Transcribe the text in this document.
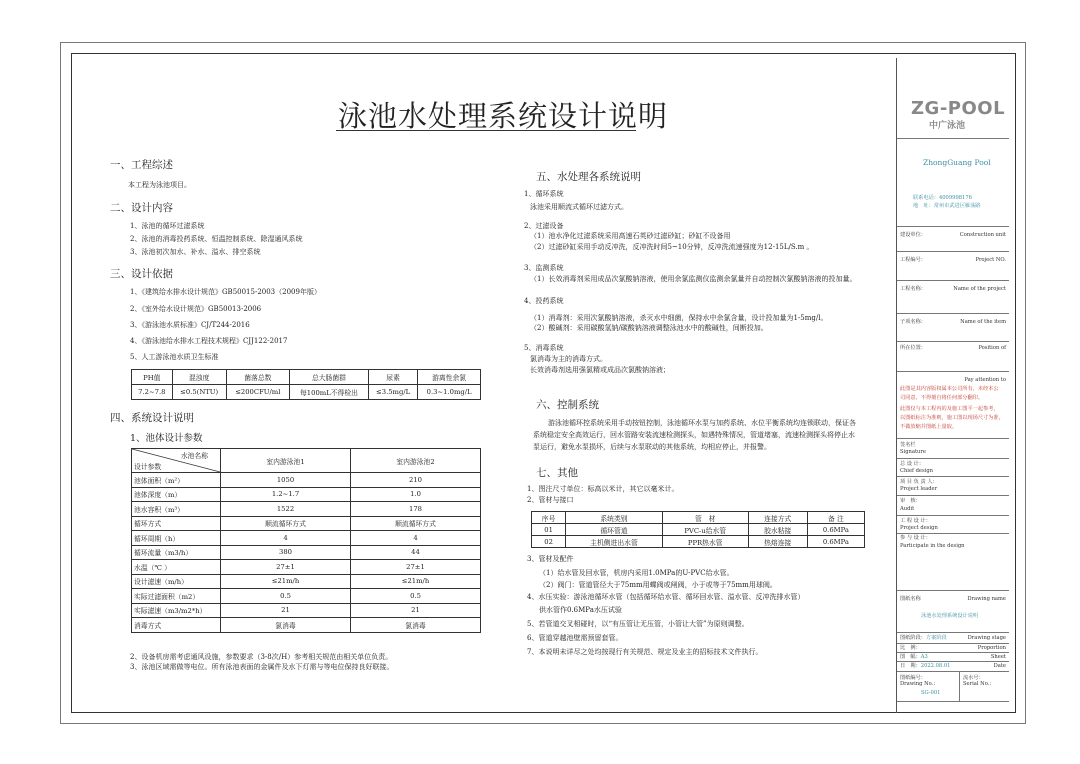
泳池水处理系统设计说明
一、工程综述
本工程为泳池项目。
二、设计内容
1、泳池的循环过滤系统
2、泳池的消毒投药系统、恒温控制系统、除湿通风系统
3、泳池初次加水、补水、溢水、排空系统
三、设计依据
1、《建筑给水排水设计规范》GB50015-2003（2009年版）
2、《室外给水设计规范》GB50013-2006
3、《游泳池水质标准》CJ/T244-2016
4、《游泳池给水排水工程技术规程》CJJ122-2017
5、人工游泳池水质卫生标准
PH值	混浊度	菌落总数	总大肠菌群	尿素	游离性余氯
7.2~7.8	≤0.5(NTU)	≤200CFU/ml	每100mL不得检出	≤3.5mg/L	0.3~1.0mg/L
四、系统设计说明
1、池体设计参数
水池名称
设计参数	室内游泳池1	室内游泳池2
池体面积（m²）	1050	210
池体深度（m）	1.2~1.7	1.0
池水容积（m³）	1522	178
循环方式	顺流循环方式	顺流循环方式
循环周期（h）	4	4
循环流量（m3/h）	380	44
水温（℃ ）	27±1	27±1
设计滤速（m/h）	≤21m/h	≤21m/h
实际过滤面积（m2）	0.5	0.5
实际滤速（m3/m2*h）	21	21
消毒方式	氯消毒	氯消毒
2、设备机房需考虑通风设施，参数要求（3-8次/H）参考相关规范由相关单位负责。
3、泳池区域需做等电位。所有泳池表面的金属件及水下灯需与等电位保持良好联接。
五、水处理各系统说明
1、循环系统
泳池采用顺流式循环过滤方式。
2、过滤设备
（1）池水净化过滤系统采用高速石英砂过滤砂缸；砂缸不设备用
（2）过滤砂缸采用手动反冲洗，反冲洗时间5~10分钟，反冲洗流速强度为12-15L/S.m 。
3、监测系统
（1）长效消毒剂采用成品次氯酸钠溶液，使用余氯监测仪监测余氯量并自动控制次氯酸钠溶液的投加量。
4、投药系统
（1）消毒剂：采用次氯酸钠溶液，杀灭水中细菌，保持水中余氯含量，设计投加量为1-5mg/l。
（2）酸碱剂：采用碳酸氢钠/碳酸钠溶液调整泳池水中的酸碱性，间断投加。
5、消毒系统
氯消毒为主的消毒方式。
长效消毒剂选用强氯精或成品次氯酸钠溶液；
六、控制系统
游泳池循环控系统采用手动按钮控制，泳池循环水泵与加药系统、水位平衡系统均连锁联动，保证各
系统稳定安全高效运行，回水管路安装流速检测探头，如遇特殊情况，管道堵塞，流速检测探头将停止水
泵运行，避免水泵损坏，后续与水泵联动的其他系统，均相应停止，并报警。
七、其他
1、图注尺寸单位：标高以米计，其它以毫米计。
2、管材与接口
序号	系统类别	管　材	连接方式	备 注
01	循环管道	PVC-u给水管	胶水粘接	0.6MPa
02	主机侧进出水管	PPR热水管	热熔连接	0.6MPa
3、管材及配件
（1）给水管及回水管，机房内采用1.0MPa的U-PVC给水管。
（2）阀门：管道管径大于75mm用蝶阀或闸阀，小于或等于75mm用球阀。
4、水压实验：游泳池循环水管（包括循环给水管、循环回水管、溢水管、反冲洗排水管）
供水管作0.6MPa水压试验
5、若管道交叉相碰时，以“有压管让无压管，小管让大管”为原则调整。
6、管道穿越池壁需预留套管。
7、本说明未详尽之处均按现行有关规范、规定及业主的招标技术文件执行。
ZG-POOL
中广泳池
ZhongGuang Pool
联系电话：4009998176
地　址：常州市武进区雁荡路
建设单位：	Construction unit
工程编号：	Project NO.
工程名称：	Name of the project
子项名称：	Name of the item
所在位置：	Position of
Pay attention to
此图是其内容版权属本公司所有，未经本公
司同意，不得擅自将任何部分翻印。
此图仅与本工程内的及施工图平一起参考，
以图纸标注为准则，施工图以现场尺寸为准，
不做放缩并图纸上量取。
签名栏
Signature
总 设 计：
Chief design
项 目 负 责 人：
Project leader
审　核：
Audit
工 程 设 计：
Project design
参 与 设 计：
Participate in the design
图纸名称	Drawing name
泳池水处理系统设计说明
图纸阶段：方案阶段	Drawing stage
比　例：	Proportion
图　幅：A3	Sheet
日　期：2022.08.01	Date
图纸编号：
Drawing No.:
流水号：
Serial No.:
SG-001
